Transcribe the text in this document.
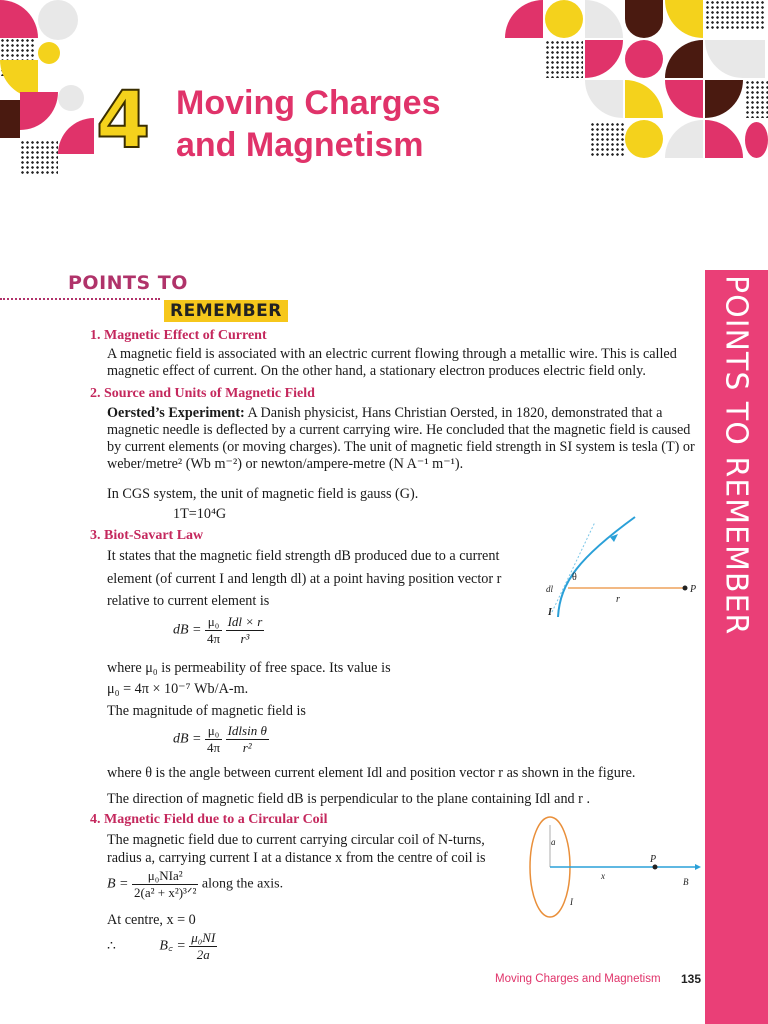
4 Moving Charges
and Magnetism
POINTS TO
REMEMBER	POINTS TO REMEMBER
1. Magnetic Effect of Current
A magnetic field is associated with an electric current flowing through a metallic wire. This is called magnetic effect of current. On the other hand, a stationary electron produces electric field only.
2. Source and Units of Magnetic Field
Oersted’s Experiment: A Danish physicist, Hans Christian Oersted, in 1820, demonstrated that a magnetic needle is deflected by a current carrying wire. He concluded that the magnetic field is caused by current elements (or moving charges). The unit of magnetic field strength in SI system is tesla (T) or weber/metre² (Wb m⁻²) or newton/ampere-metre (N A⁻¹ m⁻¹).
In CGS system, the unit of magnetic field is gauss (G).
1T=10⁴G
3. Biot-Savart Law
It states that the magnetic field strength dB produced due to a current
element (of current I and length dl) at a point having position vector r
relative to current element is
dB = $\frac{\text{μ₀}}{4\pi}$
$\frac{\text{Idl × r}}{\text{r³}}$
where μ₀ is permeability of free space. Its value is
μ₀ = 4π × 10⁻⁷ Wb/A-m.
The magnitude of magnetic field is
dB = $\frac{\text{μ₀}}{4\pi}$
$\frac{\text{Idlsin θ}}{\text{r²}}$
where θ is the angle between current element Idl and position vector r as shown in the figure.
The direction of magnetic field dB is perpendicular to the plane containing Idl and r .
dl
θ
r
P
I
4. Magnetic Field due to a Circular Coil
The magnetic field due to current carrying circular coil of N-turns,
radius a, carrying current I at a distance x from the centre of coil is
$B = \frac{\text{μ₀NIa²}}{\text{2(a² + x²)³ᐟ²}}$ along the axis.
At centre, x = 0
∴	B꜀ = $\frac{\text{μ₀NI}}{2a}$
a
P
x
B
I
Moving Charges and Magnetism 135
